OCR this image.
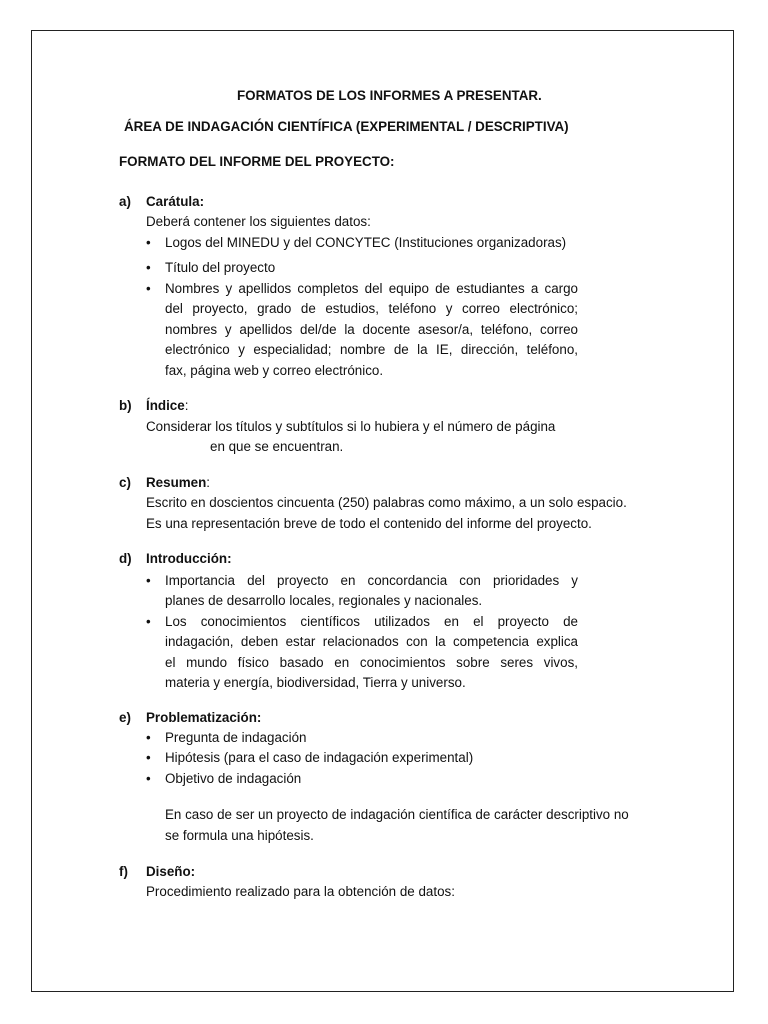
FORMATOS DE LOS INFORMES A PRESENTAR.
ÁREA DE INDAGACIÓN CIENTÍFICA (EXPERIMENTAL / DESCRIPTIVA)
FORMATO DEL INFORME DEL PROYECTO:
a) Carátula:
Deberá contener los siguientes datos:
• Logos del MINEDU y del CONCYTEC (Instituciones organizadoras)
• Título del proyecto
• Nombres y apellidos completos del equipo de estudiantes a cargo
del proyecto, grado de estudios, teléfono y correo electrónico;
nombres y apellidos del/de la docente asesor/a, teléfono, correo
electrónico y especialidad; nombre de la IE, dirección, teléfono,
fax, página web y correo electrónico.
b) Índice:
Considerar los títulos y subtítulos si lo hubiera y el número de página
en que se encuentran.
c) Resumen:
Escrito en doscientos cincuenta (250) palabras como máximo, a un solo espacio.
Es una representación breve de todo el contenido del informe del proyecto.
d) Introducción:
• Importancia del proyecto en concordancia con prioridades y
planes de desarrollo locales, regionales y nacionales.
• Los conocimientos científicos utilizados en el proyecto de
indagación, deben estar relacionados con la competencia explica
el mundo físico basado en conocimientos sobre seres vivos,
materia y energía, biodiversidad, Tierra y universo.
e) Problematización:
• Pregunta de indagación
• Hipótesis (para el caso de indagación experimental)
• Objetivo de indagación
En caso de ser un proyecto de indagación científica de carácter descriptivo no
se formula una hipótesis.
f) Diseño:
Procedimiento realizado para la obtención de datos:
